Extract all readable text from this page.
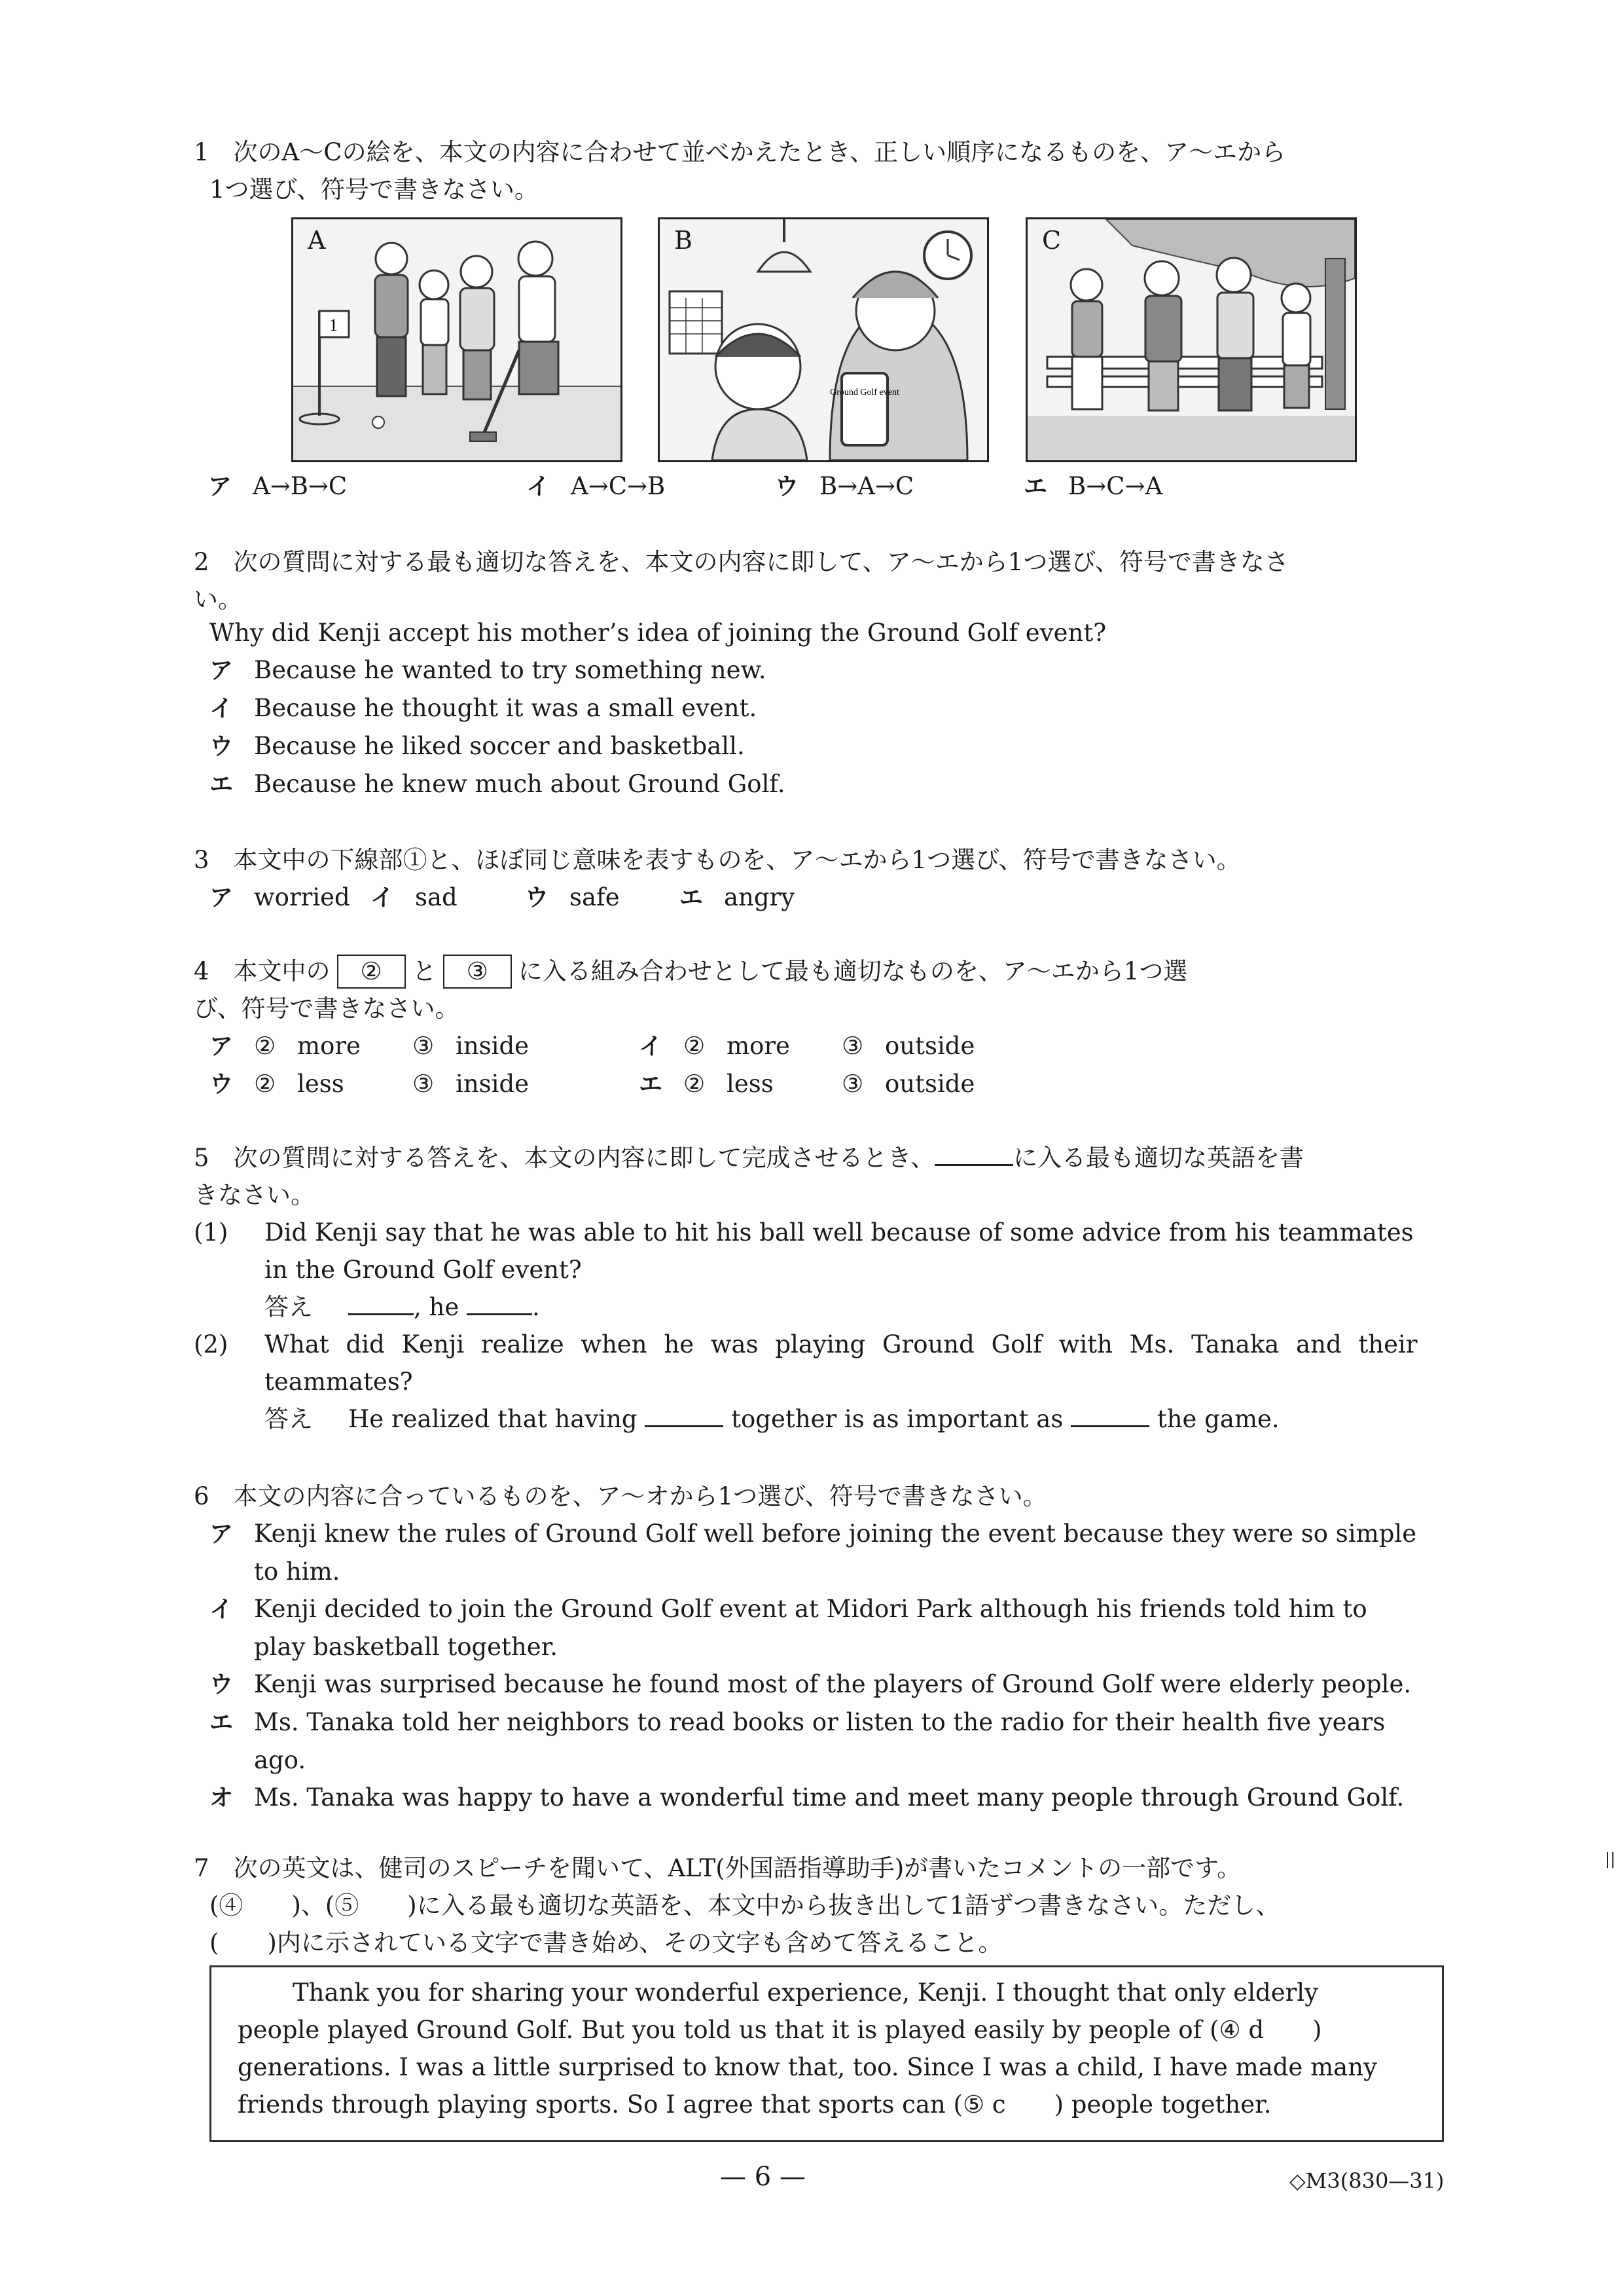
1　次のA～Cの絵を、本文の内容に合わせて並べかえたとき、正しい順序になるものを、ア～エから
1つ選び、符号で書きなさい。
A
1
B
Ground Golf event
C
ア A→B→C	イ A→C→B	ウ B→A→C	エ B→C→A
2　次の質問に対する最も適切な答えを、本文の内容に即して、ア～エから1つ選び、符号で書きなさ
い。
Why did Kenji accept his mother’s idea of joining the Ground Golf event?
ア Because he wanted to try something new.
イ Because he thought it was a small event.
ウ Because he liked soccer and basketball.
エ Because he knew much about Ground Golf.
3　本文中の下線部①と、ほぼ同じ意味を表すものを、ア～エから1つ選び、符号で書きなさい。
ア worried イ sad	ウ safe	エ angry
4　本文中の ② と ③ に入る組み合わせとして最も適切なものを、ア～エから1つ選
び、符号で書きなさい。
ア ② more ③ inside	イ ② more ③ outside
ウ ② less	③ inside	エ ② less	③ outside
5　次の質問に対する答えを、本文の内容に即して完成させるとき、	に入る最も適切な英語を書
きなさい。
(1) Did Kenji say that he was able to hit his ball well because of some advice from his teammates
in the Ground Golf event?
答え	, he	.
(2) What did Kenji realize when he was playing Ground Golf with Ms. Tanaka and their
teammates?
答え He realized that having	together is as important as	the game.
6　本文の内容に合っているものを、ア～オから1つ選び、符号で書きなさい。
ア Kenji knew the rules of Ground Golf well before joining the event because they were so simple
to him.
イ Kenji decided to join the Ground Golf event at Midori Park although his friends told him to
play basketball together.
ウ Kenji was surprised because he found most of the players of Ground Golf were elderly people.
エ Ms. Tanaka told her neighbors to read books or listen to the radio for their health five years
ago.
オ Ms. Tanaka was happy to have a wonderful time and meet many people through Ground Golf.
7　次の英文は、健司のスピーチを聞いて、ALT(外国語指導助手)が書いたコメントの一部です。
(④　　)、(⑤　　)に入る最も適切な英語を、本文中から抜き出して1語ずつ書きなさい。ただし、
(　　)内に示されている文字で書き始め、その文字も含めて答えること。
Thank you for sharing your wonderful experience, Kenji. I thought that only elderly
people played Ground Golf. But you told us that it is played easily by people of (④ d　　)
generations. I was a little surprised to know that, too. Since I was a child, I have made many
friends through playing sports. So I agree that sports can (⑤ c　　) people together.
— 6 —	◇M3(830—31)
||
